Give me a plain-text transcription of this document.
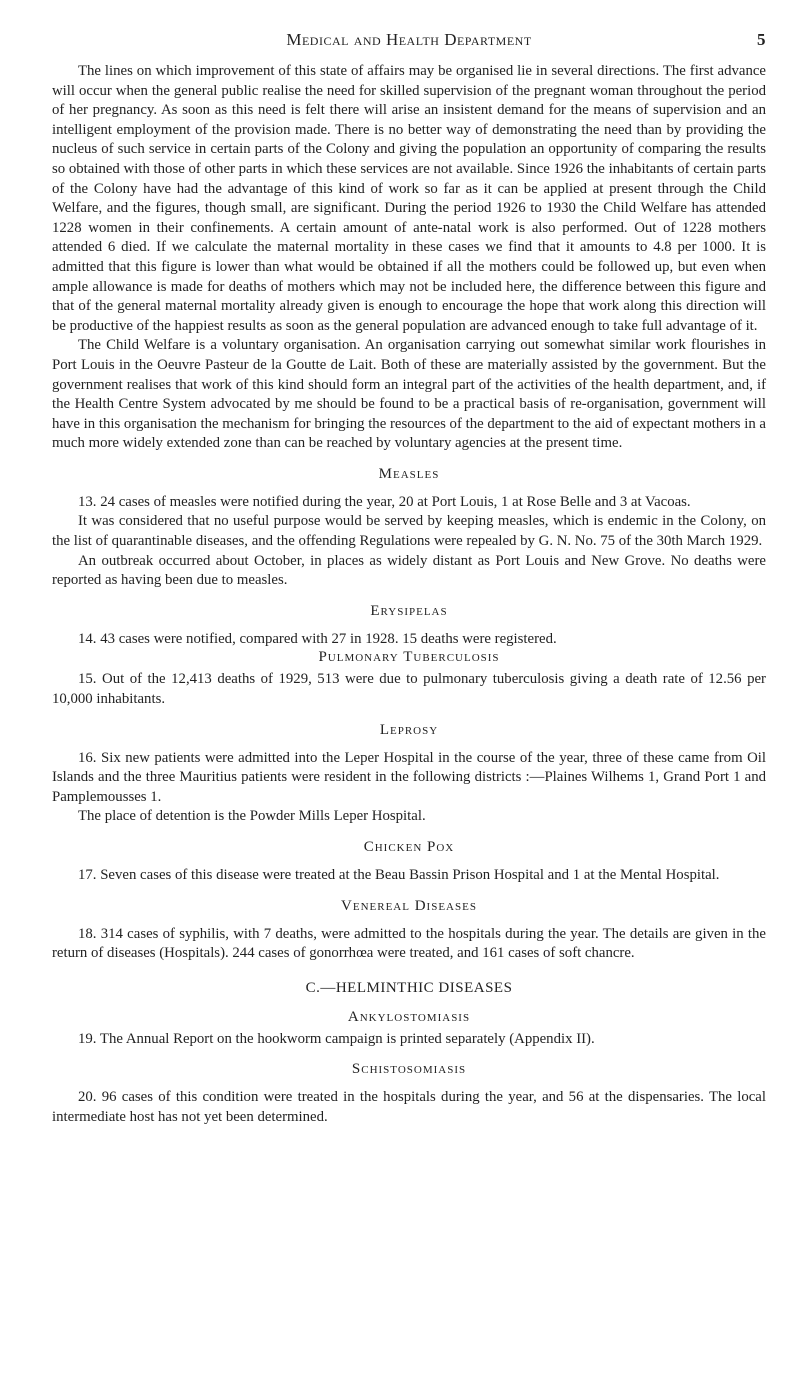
Medical and Health Department	5

The lines on which improvement of this state of affairs may be organised lie in several directions. The first advance will occur when the general public realise the need for skilled supervision of the pregnant woman throughout the period of her pregnancy. As soon as this need is felt there will arise an insistent demand for the means of supervision and an intelligent employment of the provision made. There is no better way of demonstrating the need than by providing the nucleus of such service in certain parts of the Colony and giving the population an opportunity of comparing the results so obtained with those of other parts in which these services are not available. Since 1926 the inhabitants of certain parts of the Colony have had the advantage of this kind of work so far as it can be applied at present through the Child Welfare, and the figures, though small, are significant. During the period 1926 to 1930 the Child Welfare has attended 1228 women in their confinements. A certain amount of ante-natal work is also performed. Out of 1228 mothers attended 6 died. If we calculate the maternal mortality in these cases we find that it amounts to 4.8 per 1000. It is admitted that this figure is lower than what would be obtained if all the mothers could be followed up, but even when ample allowance is made for deaths of mothers which may not be included here, the difference between this figure and that of the general maternal mortality already given is enough to encourage the hope that work along this direction will be productive of the happiest results as soon as the general population are advanced enough to take full advantage of it.

The Child Welfare is a voluntary organisation. An organisation carrying out somewhat similar work flourishes in Port Louis in the Oeuvre Pasteur de la Goutte de Lait. Both of these are materially assisted by the government. But the government realises that work of this kind should form an integral part of the activities of the health department, and, if the Health Centre System advocated by me should be found to be a practical basis of re-organisation, government will have in this organisation the mechanism for bringing the resources of the department to the aid of expectant mothers in a much more widely extended zone than can be reached by voluntary agencies at the present time.

Measles

13. 24 cases of measles were notified during the year, 20 at Port Louis, 1 at Rose Belle and 3 at Vacoas.

It was considered that no useful purpose would be served by keeping measles, which is endemic in the Colony, on the list of quarantinable diseases, and the offending Regulations were repealed by G. N. No. 75 of the 30th March 1929.

An outbreak occurred about October, in places as widely distant as Port Louis and New Grove. No deaths were reported as having been due to measles.

Erysipelas

14. 43 cases were notified, compared with 27 in 1928. 15 deaths were registered.

Pulmonary Tuberculosis

15. Out of the 12,413 deaths of 1929, 513 were due to pulmonary tuberculosis giving a death rate of 12.56 per 10,000 inhabitants.

Leprosy

16. Six new patients were admitted into the Leper Hospital in the course of the year, three of these came from Oil Islands and the three Mauritius patients were resident in the following districts :—Plaines Wilhems 1, Grand Port 1 and Pamplemousses 1.

The place of detention is the Powder Mills Leper Hospital.

Chicken Pox

17. Seven cases of this disease were treated at the Beau Bassin Prison Hospital and 1 at the Mental Hospital.

Venereal Diseases

18. 314 cases of syphilis, with 7 deaths, were admitted to the hospitals during the year. The details are given in the return of diseases (Hospitals). 244 cases of gonorrhœa were treated, and 161 cases of soft chancre.

C.—HELMINTHIC DISEASES
Ankylostomiasis

19. The Annual Report on the hookworm campaign is printed separately (Appendix II).

Schistosomiasis

20. 96 cases of this condition were treated in the hospitals during the year, and 56 at the dispensaries. The local intermediate host has not yet been determined.
